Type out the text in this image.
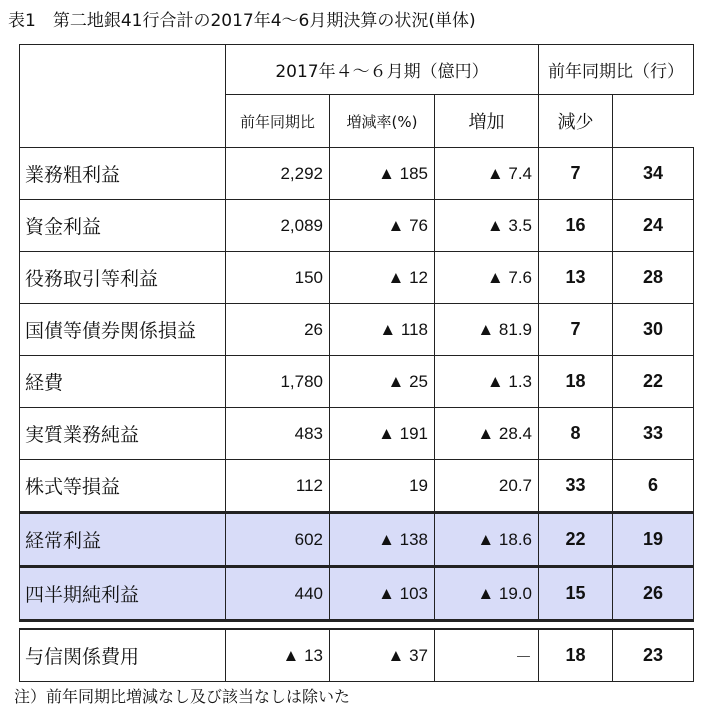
表1　第二地銀41行合計の2017年4～6月期決算の状況(単体)
	2017年４～６月期（億円）			前年同期比（行）	
	前年同期比	増減率(%)	増加	減少	
業務粗利益	2,292	▲ 185	▲ 7.4	7	34
資金利益	2,089	▲ 76	▲ 3.5	16	24
役務取引等利益	150	▲ 12	▲ 7.6	13	28
国債等債券関係損益	26	▲ 118	▲ 81.9	7	30
経費	1,780	▲ 25	▲ 1.3	18	22
実質業務純益	483	▲ 191	▲ 28.4	8	33
株式等損益	112	19	20.7	33	6
経常利益	602	▲ 138	▲ 18.6	22	19
四半期純利益	440	▲ 103	▲ 19.0	15	26

与信関係費用	▲ 13	▲ 37	－	18	23
注）前年同期比増減なし及び該当なしは除いた
